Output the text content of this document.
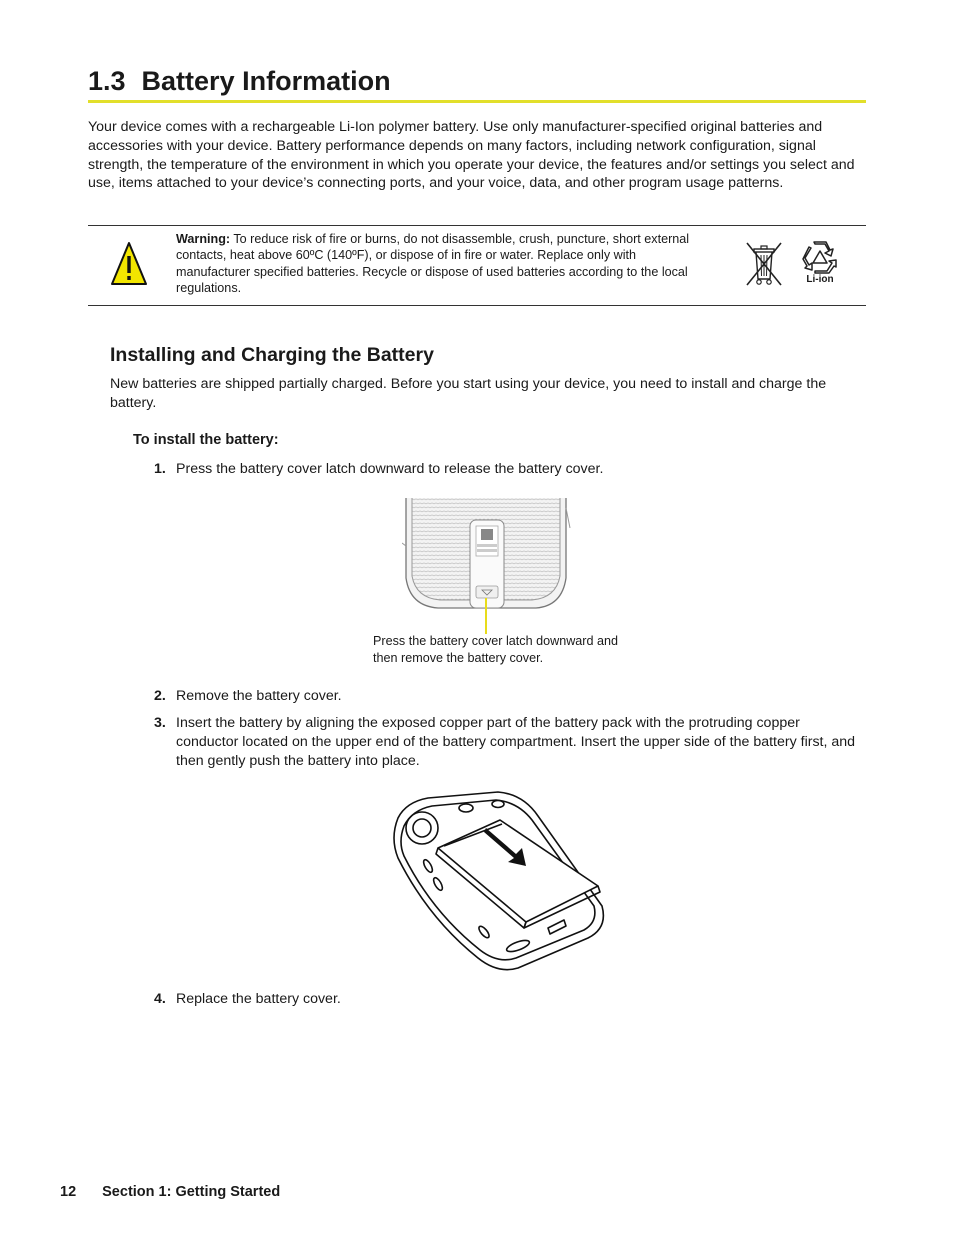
1.3 Battery Information
Your device comes with a rechargeable Li-Ion polymer battery. Use only manufacturer-specified original batteries and accessories with your device. Battery performance depends on many factors, including network configuration, signal strength, the temperature of the environment in which you operate your device, the features and/or settings you select and use, items attached to your device’s connecting ports, and your voice, data, and other program usage patterns.
Warning: To reduce risk of fire or burns, do not disassemble, crush, puncture, short external contacts, heat above 60ºC (140ºF), or dispose of in fire or water. Replace only with manufacturer specified batteries. Recycle or dispose of used batteries according to the local regulations.
Li-ion
Installing and Charging the Battery
New batteries are shipped partially charged. Before you start using your device, you need to install and charge the battery.
To install the battery:
1. Press the battery cover latch downward to release the battery cover.
Press the battery cover latch downward and then remove the battery cover.
2. Remove the battery cover.
3. Insert the battery by aligning the exposed copper part of the battery pack with the protruding copper conductor located on the upper end of the battery compartment. Insert the upper side of the battery first, and then gently push the battery into place.
4. Replace the battery cover.
12 Section 1: Getting Started
